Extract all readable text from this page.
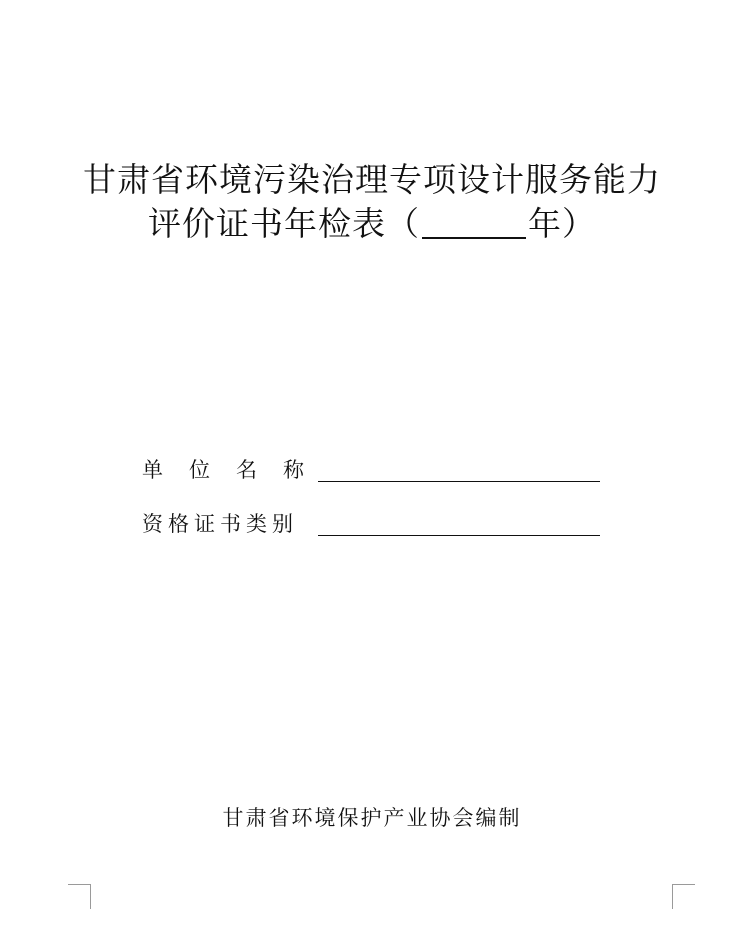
甘肃省环境污染治理专项设计服务能力
评价证书年检表（	年）
单位名称
资格证书类别
甘肃省环境保护产业协会编制
